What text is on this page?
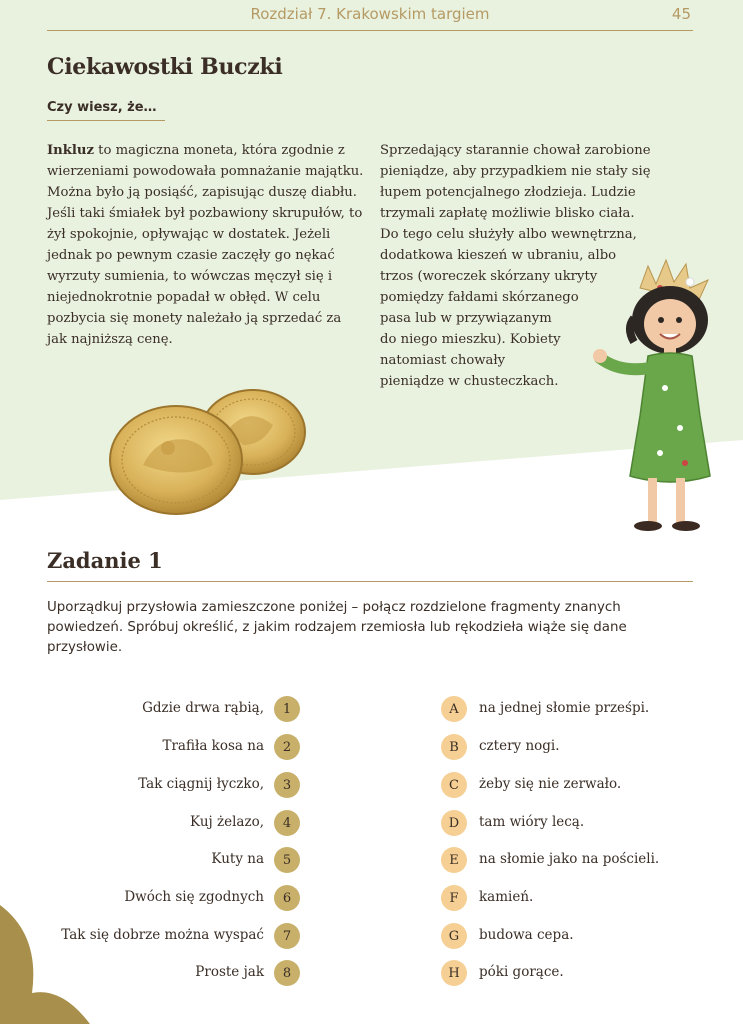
Rozdział 7. Krakowskim targiem	45
Ciekawostki Buczki
Czy wiesz, że…
Inkluz to magiczna moneta, która zgodnie z wierzeniami powodowała pomnażanie majątku. Można było ją posiąść, zapisując duszę diabłu. Jeśli taki śmiałek był pozbawiony skrupułów, to żył spokojnie, opływając w dostatek. Jeżeli jednak po pewnym czasie zaczęły go nękać wyrzuty sumienia, to wówczas męczył się i niejednokrotnie popadał w obłęd. W celu pozbycia się monety należało ją sprzedać za jak najniższą cenę.
Sprzedający starannie chował zarobione
pieniądze, aby przypadkiem nie stały się
łupem potencjalnego złodzieja. Ludzie
trzymali zapłatę możliwie blisko ciała.
Do tego celu służyły albo wewnętrzna,
dodatkowa kieszeń w ubraniu, albo
trzos (woreczek skórzany ukryty
pomiędzy fałdami skórzanego
pasa lub w przywiązanym
do niego mieszku). Kobiety
natomiast chowały
pieniądze w chusteczkach.
Zadanie 1

Uporządkuj przysłowia zamieszczone poniżej – połącz rozdzielone fragmenty znanych powiedzeń. Spróbuj określić, z jakim rodzajem rzemiosła lub rękodzieła wiąże się dane przysłowie.

Gdzie drwa rąbią,	1
Trafiła kosa na	2
Tak ciągnij łyczko,	3
Kuj żelazo,	4
Kuty na	5
Dwóch się zgodnych	6
Tak się dobrze można wyspać	7
Proste jak	8
A	na jednej słomie prześpi.
B	cztery nogi.
C	żeby się nie zerwało.
D	tam wióry lecą.
E	na słomie jako na pościeli.
F	kamień.
G	budowa cepa.
H	póki gorące.
